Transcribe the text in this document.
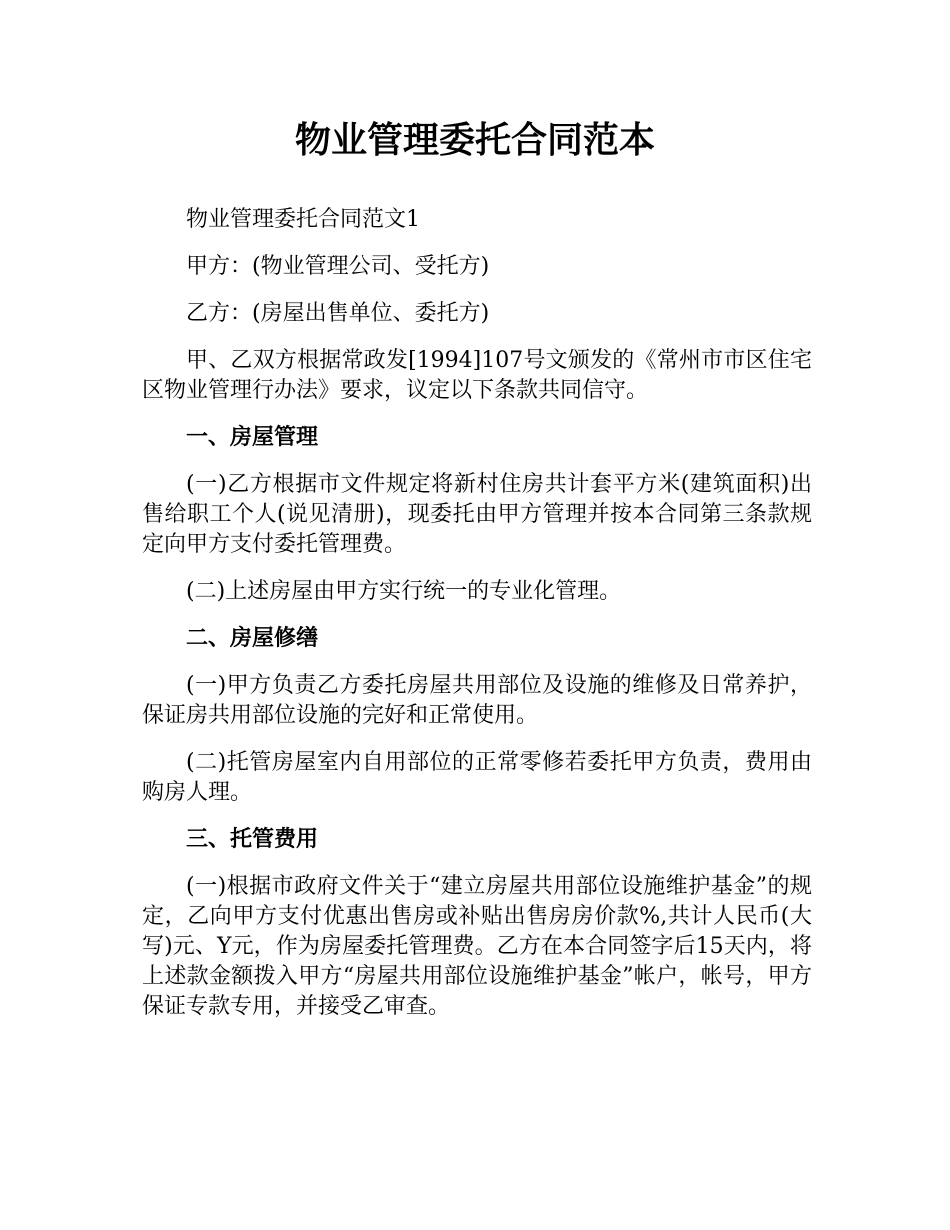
物业管理委托合同范本

物业管理委托合同范文1

甲方：(物业管理公司、受托方)

乙方：(房屋出售单位、委托方)

甲、乙双方根据常政发[1994]107号文颁发的《常州市市区住宅区物业管理行办法》要求，议定以下条款共同信守。

一、房屋管理

(一)乙方根据市文件规定将新村住房共计套平方米(建筑面积)出售给职工个人(说见清册)，现委托由甲方管理并按本合同第三条款规定向甲方支付委托管理费。

(二)上述房屋由甲方实行统一的专业化管理。

二、房屋修缮

(一)甲方负责乙方委托房屋共用部位及设施的维修及日常养护，保证房共用部位设施的完好和正常使用。

(二)托管房屋室内自用部位的正常零修若委托甲方负责，费用由购房人理。

三、托管费用

(一)根据市政府文件关于“建立房屋共用部位设施维护基金”的规定，乙向甲方支付优惠出售房或补贴出售房房价款%,共计人民币(大写)元、Y元，作为房屋委托管理费。乙方在本合同签字后15天内，将上述款金额拨入甲方“房屋共用部位设施维护基金”帐户，帐号，甲方保证专款专用，并接受乙审查。
